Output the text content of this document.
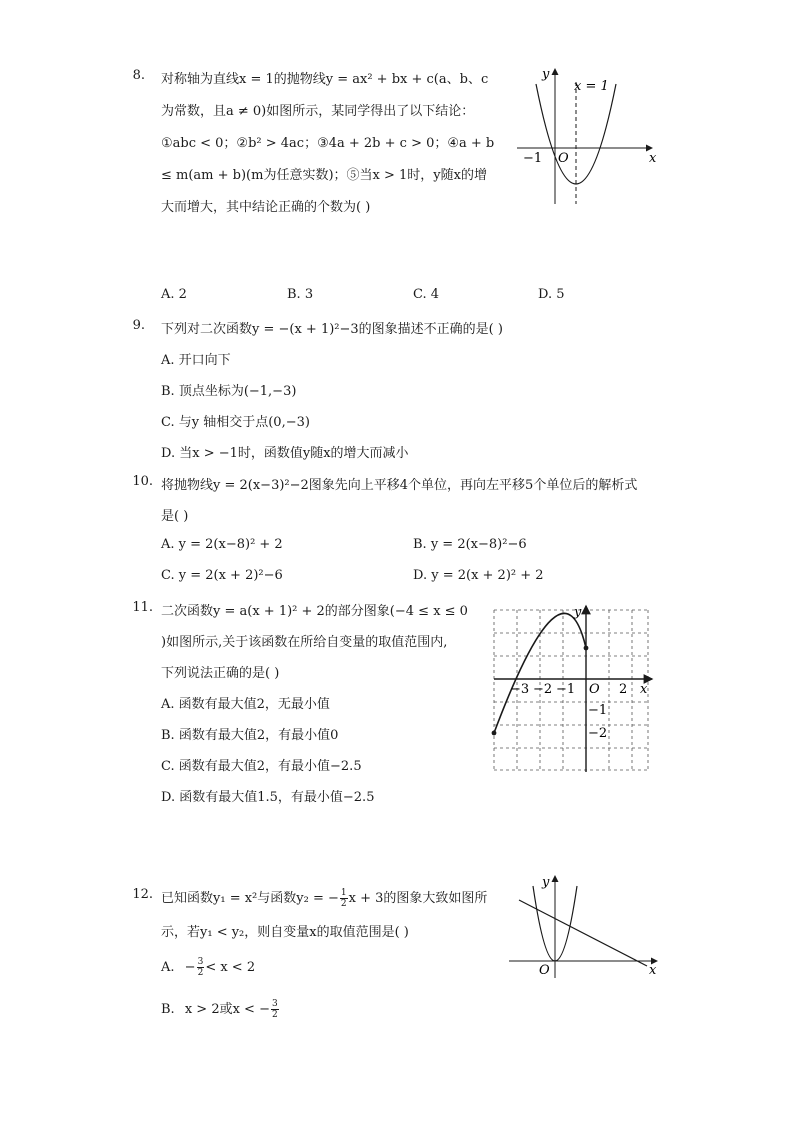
8. 对称轴为直线x = 1的抛物线y = ax² + bx + c(a、b、c
为常数，且a ≠ 0)如图所示，某同学得出了以下结论：
①abc < 0；②b² > 4ac；③4a + 2b + c > 0；④a + b
≤ m(am + b)(m为任意实数)；⑤当x > 1时，y随x的增
大而增大，其中结论正确的个数为( )
y
x = 1
−1 O	x
A. 2	B. 3	C. 4	D. 5
9. 下列对二次函数y = −(x + 1)²−3的图象描述不正确的是( )
A. 开口向下
B. 顶点坐标为(−1,−3)
C. 与y 轴相交于点(0,−3)
D. 当x > −1时，函数值y随x的增大而减小
10. 将抛物线y = 2(x−3)²−2图象先向上平移4个单位，再向左平移5个单位后的解析式
是( )
A. y = 2(x−8)² + 2	B. y = 2(x−8)²−6
C. y = 2(x + 2)²−6	D. y = 2(x + 2)² + 2
11. 二次函数y = a(x + 1)² + 2的部分图象(−4 ≤ x ≤ 0
)如图所示,关于该函数在所给自变量的取值范围内,
下列说法正确的是( )
A. 函数有最大值2，无最小值
B. 函数有最大值2，有最小值0
C. 函数有最大值2，有最小值−2.5
D. 函数有最大值1.5，有最小值−2.5
y
−3 −2 −1 O 2 x
−1
−2
12. 已知函数y₁ = x²与函数y₂ = − $\frac{1}{2}$ x + 3的图象大致如图所
示，若y₁ < y₂，则自变量x的取值范围是( )
A. − $\frac{3}{2} < x < 2$
B. x > 2或x < − $\frac{3}{2}$
y
O	x
